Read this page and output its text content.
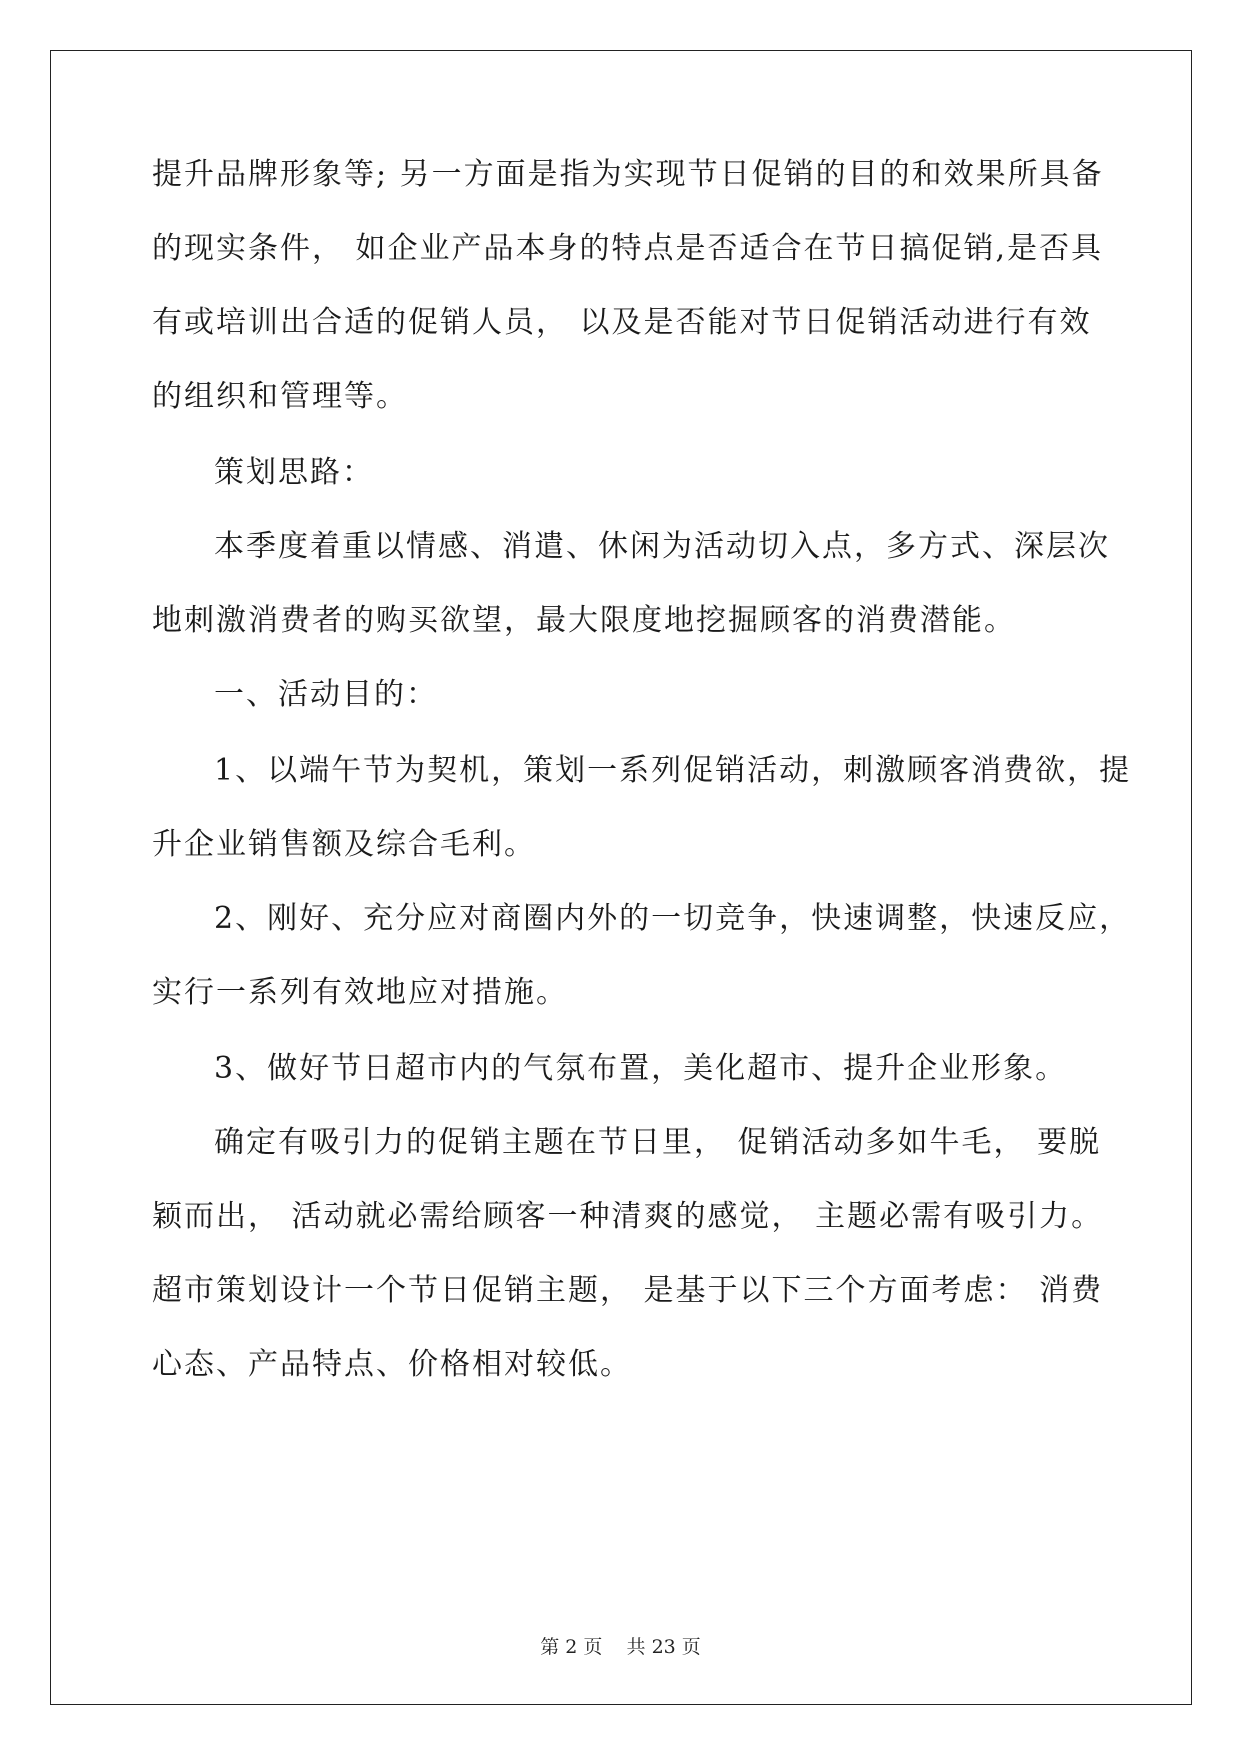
提升品牌形象等; 另一方面是指为实现节日促销的目的和效果所具备
的现实条件， 如企业产品本身的特点是否适合在节日搞促销,是否具
有或培训出合适的促销人员， 以及是否能对节日促销活动进行有效
的组织和管理等。
策划思路：
本季度着重以情感、消遣、休闲为活动切入点，多方式、深层次
地刺激消费者的购买欲望，最大限度地挖掘顾客的消费潜能。
一、活动目的：
1、以端午节为契机，策划一系列促销活动，刺激顾客消费欲，提
升企业销售额及综合毛利。
2、刚好、充分应对商圈内外的一切竞争，快速调整，快速反应，
实行一系列有效地应对措施。
3、做好节日超市内的气氛布置，美化超市、提升企业形象。
确定有吸引力的促销主题在节日里， 促销活动多如牛毛， 要脱
颖而出， 活动就必需给顾客一种清爽的感觉， 主题必需有吸引力。
超市策划设计一个节日促销主题， 是基于以下三个方面考虑： 消费
心态、产品特点、价格相对较低。
第 2 页    共 23 页
